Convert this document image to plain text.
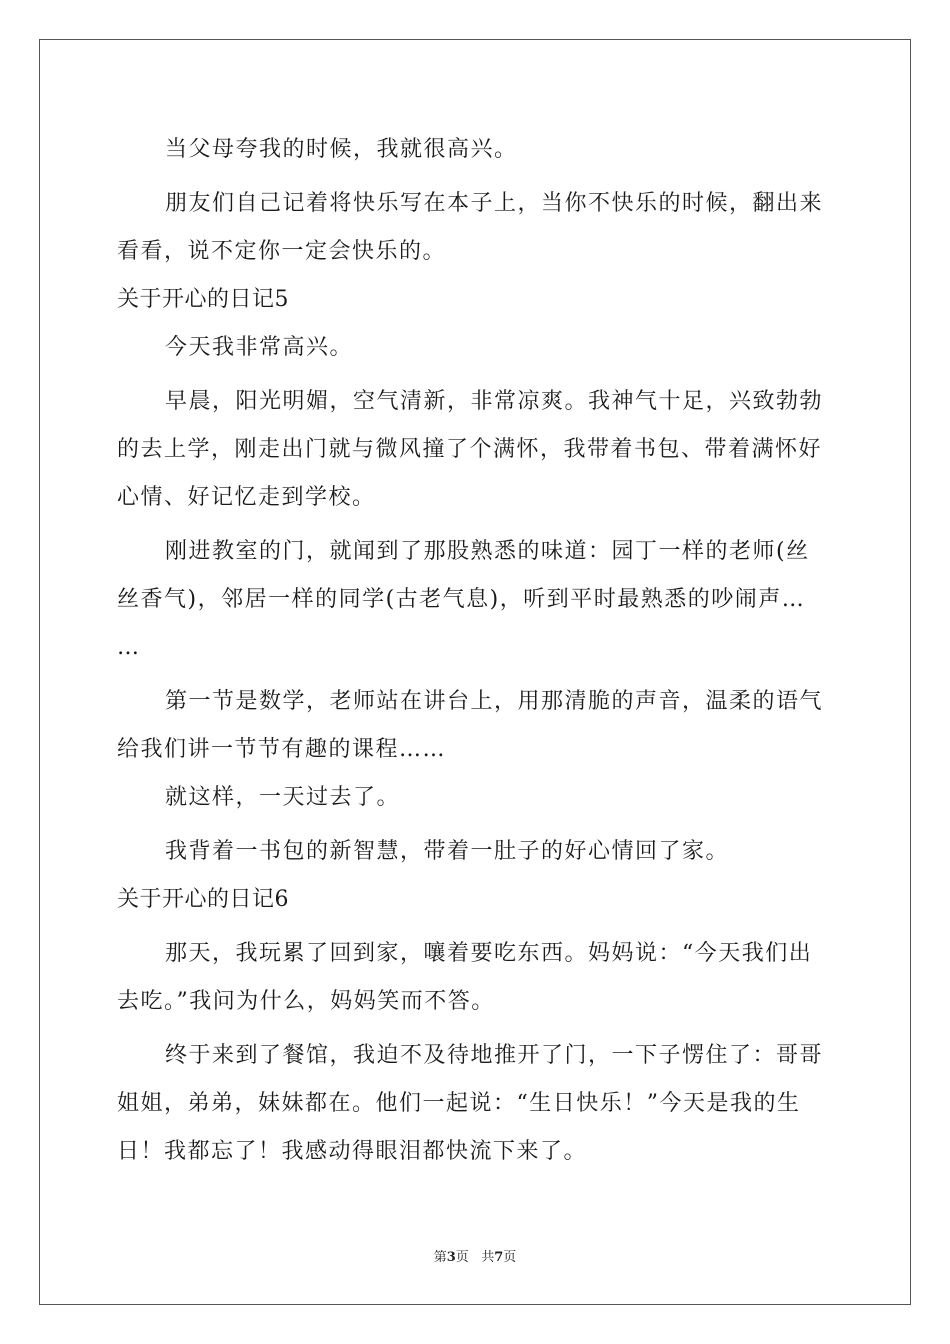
当父母夸我的时候，我就很高兴。
朋友们自己记着将快乐写在本子上，当你不快乐的时候，翻出来
看看，说不定你一定会快乐的。
关于开心的日记5
今天我非常高兴。
早晨，阳光明媚，空气清新，非常凉爽。我神气十足，兴致勃勃
的去上学，刚走出门就与微风撞了个满怀，我带着书包、带着满怀好
心情、好记忆走到学校。
刚进教室的门，就闻到了那股熟悉的味道：园丁一样的老师(丝
丝香气)，邻居一样的同学(古老气息)，听到平时最熟悉的吵闹声…
…
第一节是数学，老师站在讲台上，用那清脆的声音，温柔的语气
给我们讲一节节有趣的课程……
就这样，一天过去了。
我背着一书包的新智慧，带着一肚子的好心情回了家。
关于开心的日记6
那天，我玩累了回到家，嚷着要吃东西。妈妈说：“今天我们出
去吃。”我问为什么，妈妈笑而不答。
终于来到了餐馆，我迫不及待地推开了门，一下子愣住了：哥哥
姐姐，弟弟，妹妹都在。他们一起说：“生日快乐！”今天是我的生
日！我都忘了！我感动得眼泪都快流下来了。
第3页 共7页
